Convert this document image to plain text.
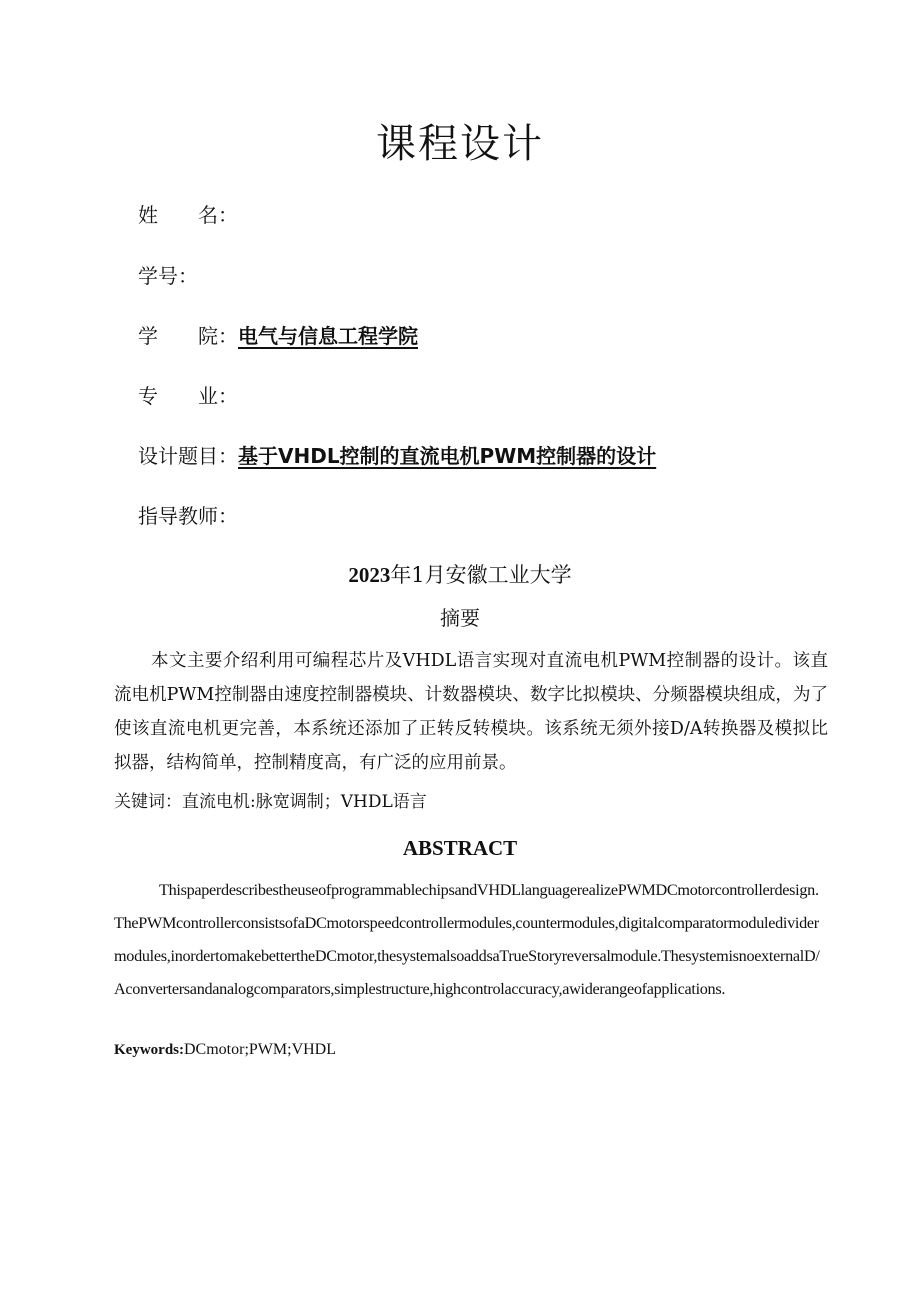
课程设计
姓　　名：
学号：
学　　院：电气与信息工程学院
专　　业：
设计题目：基于VHDL控制的直流电机PWM控制器的设计
指导教师：
2023年1月安徽工业大学
摘要
本文主要介绍利用可编程芯片及VHDL语言实现对直流电机PWM控制器的设计。该直流电机PWM控制器由速度控制器模块、计数器模块、数字比拟模块、分频器模块组成，为了使该直流电机更完善，本系统还添加了正转反转模块。该系统无须外接D/A转换器及模拟比拟器，结构简单，控制精度高，有广泛的应用前景。
关键词：直流电机:脉宽调制；VHDL语言
ABSTRACT
ThispaperdescribestheuseofprogrammablechipsandVHDLlanguagerealizePWMDCmotorcontrollerdesign.ThePWMcontrollerconsistsofaDCmotorspeedcontrollermodules,countermodules,digitalcomparatormoduledividermodules,inordertomakebettertheDCmotor,thesystemalsoaddsaTrueStoryreversalmodule.ThesystemisnoexternalD/Aconvertersandanalogcomparators,simplestructure,highcontrolaccuracy,awiderangeofapplications.
Keywords:DCmotor;PWM;VHDL
